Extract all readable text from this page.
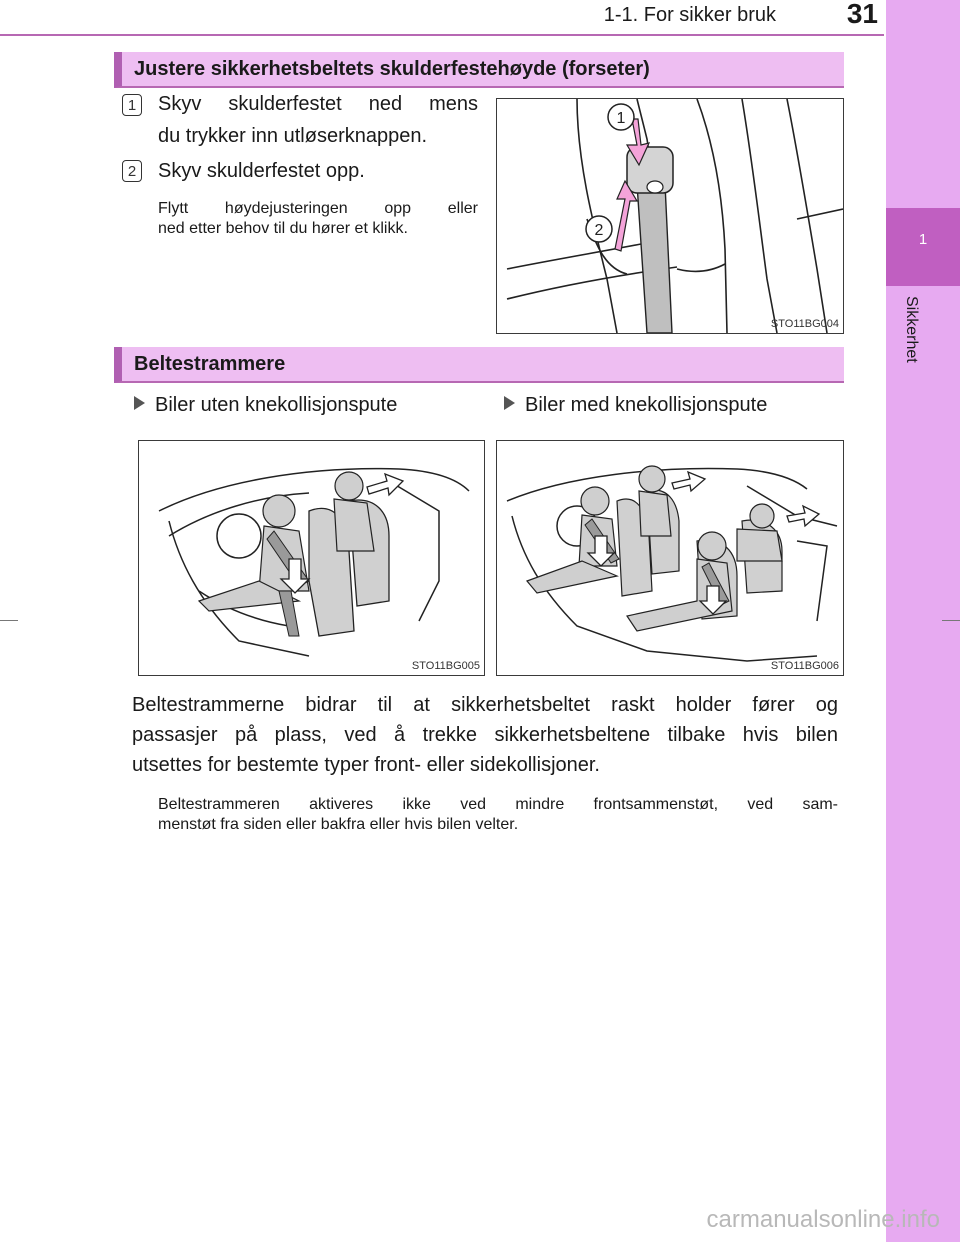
1-1. For sikker bruk	31
1
Sikkerhet
Justere sikkerhetsbeltets skulderfestehøyde (forseter)
1 Skyv skulderfestet ned mens
du trykker inn utløserknappen.
2 Skyv skulderfestet opp.
Flytt høydejusteringen opp eller
ned etter behov til du hører et klikk.
1
2
STO11BG004
Beltestrammere
Biler uten knekollisjonspute	Biler med knekollisjonspute
STO11BG005	STO11BG006
Beltestrammerne bidrar til at sikkerhetsbeltet raskt holder fører og
passasjer på plass, ved å trekke sikkerhetsbeltene tilbake hvis bilen
utsettes for bestemte typer front- eller sidekollisjoner.
Beltestrammeren aktiveres ikke ved mindre frontsammenstøt, ved sam-
menstøt fra siden eller bakfra eller hvis bilen velter.
carmanualsonline.info
